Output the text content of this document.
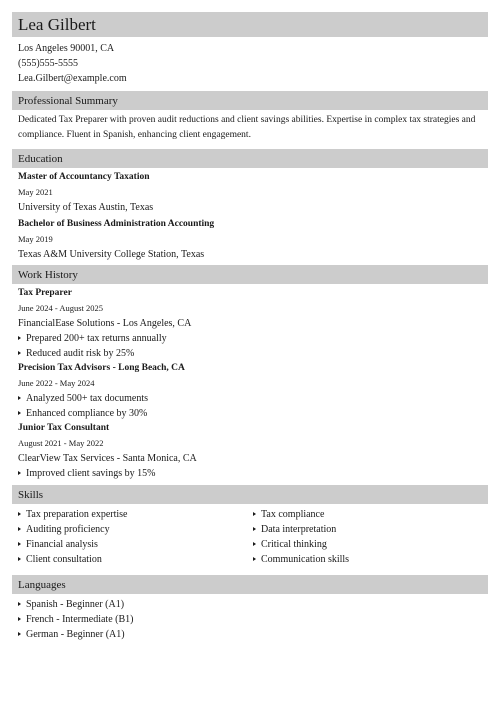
Lea Gilbert
Los Angeles 90001, CA
(555)555-5555
Lea.Gilbert@example.com
Professional Summary
Dedicated Tax Preparer with proven audit reductions and client savings abilities. Expertise in complex tax strategies and compliance. Fluent in Spanish, enhancing client engagement.
Education
Master of Accountancy Taxation
May 2021
University of Texas Austin, Texas
Bachelor of Business Administration Accounting
May 2019
Texas A&M University College Station, Texas
Work History
Tax Preparer
June 2024 - August 2025
FinancialEase Solutions - Los Angeles, CA
Prepared 200+ tax returns annually
Reduced audit risk by 25%
Precision Tax Advisors - Long Beach, CA
June 2022 - May 2024
Analyzed 500+ tax documents
Enhanced compliance by 30%
Junior Tax Consultant
August 2021 - May 2022
ClearView Tax Services - Santa Monica, CA
Improved client savings by 15%
Skills
Tax preparation expertise
Auditing proficiency
Financial analysis
Client consultation
Tax compliance
Data interpretation
Critical thinking
Communication skills
Languages
Spanish - Beginner (A1)
French - Intermediate (B1)
German - Beginner (A1)
